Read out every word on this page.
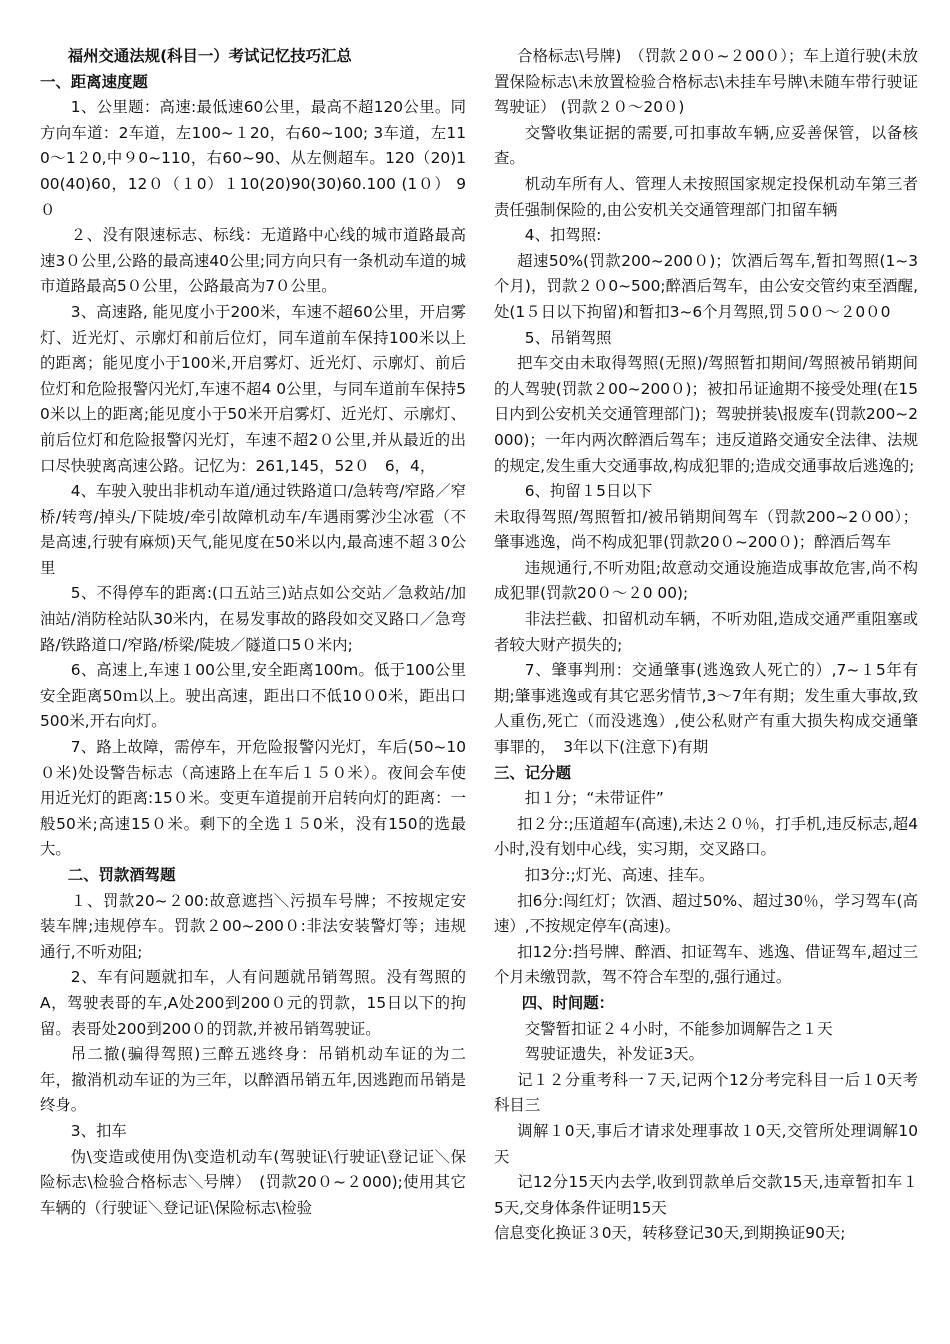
福州交通法规(科目一）考试记忆技巧汇总

一、距离速度题

1、公里题：高速:最低速60公里，最高不超120公里。同方向车道：2车道，左100~１20，右60~100; 3车道，左110～1２0,中９0~110，右60~90、从左侧超车。120（20)100(40)60，12０（１0）１10(20)90(30)60.100 (1０） 9０

２、没有限速标志、标线：无道路中心线的城市道路最高速3０公里,公路的最高速40公里;同方向只有一条机动车道的城市道路最高5０公里，公路最高为7０公里。

3、高速路, 能见度小于200米，车速不超60公里，开启雾灯、近光灯、示廓灯和前后位灯，同车道前车保持100米以上的距离；能见度小于100米,开启雾灯、近光灯、示廓灯、前后位灯和危险报警闪光灯,车速不超4 0公里，与同车道前车保持50米以上的距离;能见度小于50米开启雾灯、近光灯、示廓灯、前后位灯和危险报警闪光灯，车速不超2０公里,并从最近的出口尽快驶离高速公路。记忆为：261,145，52０　6，4，

4、车驶入驶出非机动车道/通过铁路道口/急转弯/窄路／窄桥/转弯/掉头/下陡坡/牵引故障机动车/车遇雨雾沙尘冰雹（不是高速,行驶有麻烦)天气,能见度在50米以内,最高速不超３0公里

5、不得停车的距离:(口五站三)站点如公交站／急救站/加油站/消防栓站队30米内，在易发事故的路段如交叉路口／急弯路/铁路道口/窄路/桥梁/陡坡／隧道口5０米内;

6、高速上,车速１00公里,安全距离100m。低于100公里安全距离50ｍ以上。驶出高速，距出口不低10０0米，距出口500米,开右向灯。

7、路上故障，需停车，开危险报警闪光灯，车后(50~10０米)处设警告标志（高速路上在车后１５０米）。夜间会车使用近光灯的距离:15０米。变更车道提前开启转向灯的距离：一般50米;高速15０米。剩下的全选１５0米，没有150的选最大。

二、罚款酒驾题

１、罚款20~２00:故意遮挡＼污损车号牌；不按规定安装车牌;违规停车。罚款２00~200０:非法安装警灯等；违规通行,不听劝阻;

2、车有问题就扣车，人有问题就吊销驾照。没有驾照的A，驾驶表哥的车,A处200到200０元的罚款，15日以下的拘留。表哥处200到200０的罚款,并被吊销驾驶证。

吊二撤(骗得驾照)三醉五逃终身：吊销机动车证的为二年，撤消机动车证的为三年，以醉酒吊销五年,因逃跑而吊销是终身。

3、扣车

伪\变造或使用伪\变造机动车(驾驶证\行驶证\登记证＼保险标志\检验合格标志＼号牌）　(罚款20０~２000);使用其它车辆的（行驶证＼登记证\保险标志\检验

合格标志\号牌)　（罚款２0０~２00０）；车上道行驶(未放置保险标志\未放置检验合格标志\未挂车号牌\未随车带行驶证驾驶证） (罚款２０～20０)

交警收集证据的需要,可扣事故车辆,应妥善保管，以备核查。

机动车所有人、管理人未按照国家规定投保机动车第三者责任强制保险的,由公安机关交通管理部门扣留车辆

4、扣驾照:

超速50%(罚款200~200０)；饮酒后驾车,暂扣驾照(1~3个月)，罚款２０0~500;醉酒后驾车，由公安交管约束至酒醒,处(1５日以下拘留)和暂扣3~6个月驾照,罚５0０～２0０0

5、吊销驾照

把车交由未取得驾照(无照)/驾照暂扣期间/驾照被吊销期间的人驾驶(罚款２00~200０)；被扣吊证逾期不接受处理(在15日内到公安机关交通管理部门)；驾驶拼装\报废车(罚款200~2000)；一年内两次醉酒后驾车；违反道路交通安全法律、法规的规定,发生重大交通事故,构成犯罪的;造成交通事故后逃逸的;

6、拘留１5日以下

未取得驾照/驾照暂扣/被吊销期间驾车（罚款200~2０00）；肇事逃逸，尚不构成犯罪(罚款20０~200０)；醉酒后驾车

违规通行,不听劝阻;故意动交通设施造成事故危害,尚不构成犯罪(罚款20０～２0 00);

非法拦截、扣留机动车辆，不听劝阻,造成交通严重阻塞或者较大财产损失的;

7、肇事判刑：交通肇事(逃逸致人死亡的）,7~１5年有期;肇事逃逸或有其它恶劣情节,3～7年有期；发生重大事故,致人重伤,死亡（而没逃逸）,使公私财产有重大损失构成交通肇事罪的，　3年以下(注意下)有期

三、记分题

扣１分；“未带证件”

扣２分:;压道超车(高速),未达２０％，打手机,违反标志,超4小时,没有划中心线，实习期，交叉路口。

扣3分:;灯光、高速、挂车。

扣6分:闯红灯；饮酒、超过50%、超过30％，学习驾车(高速）,不按规定停车(高速)。

扣12分:挡号牌、醉酒、扣证驾车、逃逸、借证驾车,超过三个月未缴罚款，驾不符合车型的,强行通过。

四、时间题：

交警暂扣证２４小时，不能参加调解告之１天

驾驶证遗失，补发证3天。

记１２分重考科一７天,记两个12分考完科目一后１0天考科目三

调解１0天,事后才请求处理事故１0天,交管所处理调解10天

记12分15天内去学,收到罚款单后交款15天,违章暂扣车１5天,交身体条件证明15天

信息变化换证３0天，转移登记30天,到期换证90天;
